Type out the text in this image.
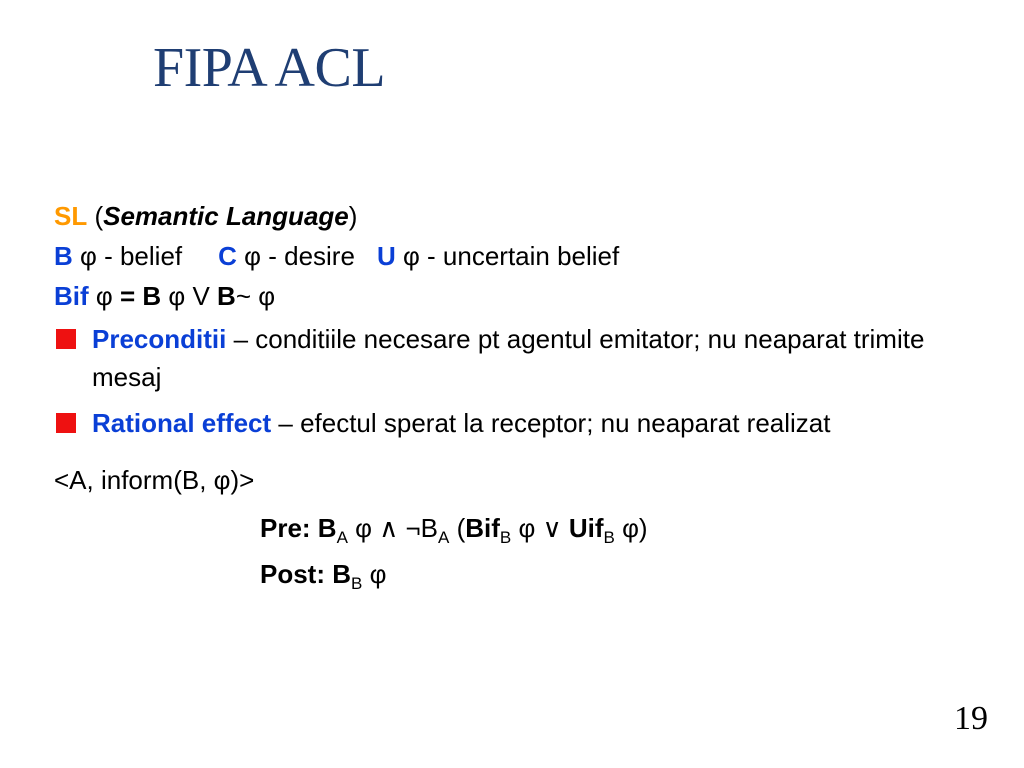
FIPA ACL
SL (Semantic Language)
B φ - belief C φ - desire U φ - uncertain belief
Bif φ = B φ V B~ φ
Preconditii – conditiile necesare pt agentul emitator; nu neaparat trimite mesaj
Rational effect – efectul sperat la receptor; nu neaparat realizat
<A, inform(B, φ)>
Pre: $B_A$ φ ∧ $\neg B_A$ (Bif$_B$ φ ∨ Uif$_B$ φ)
Post: $B_B$ φ
19
